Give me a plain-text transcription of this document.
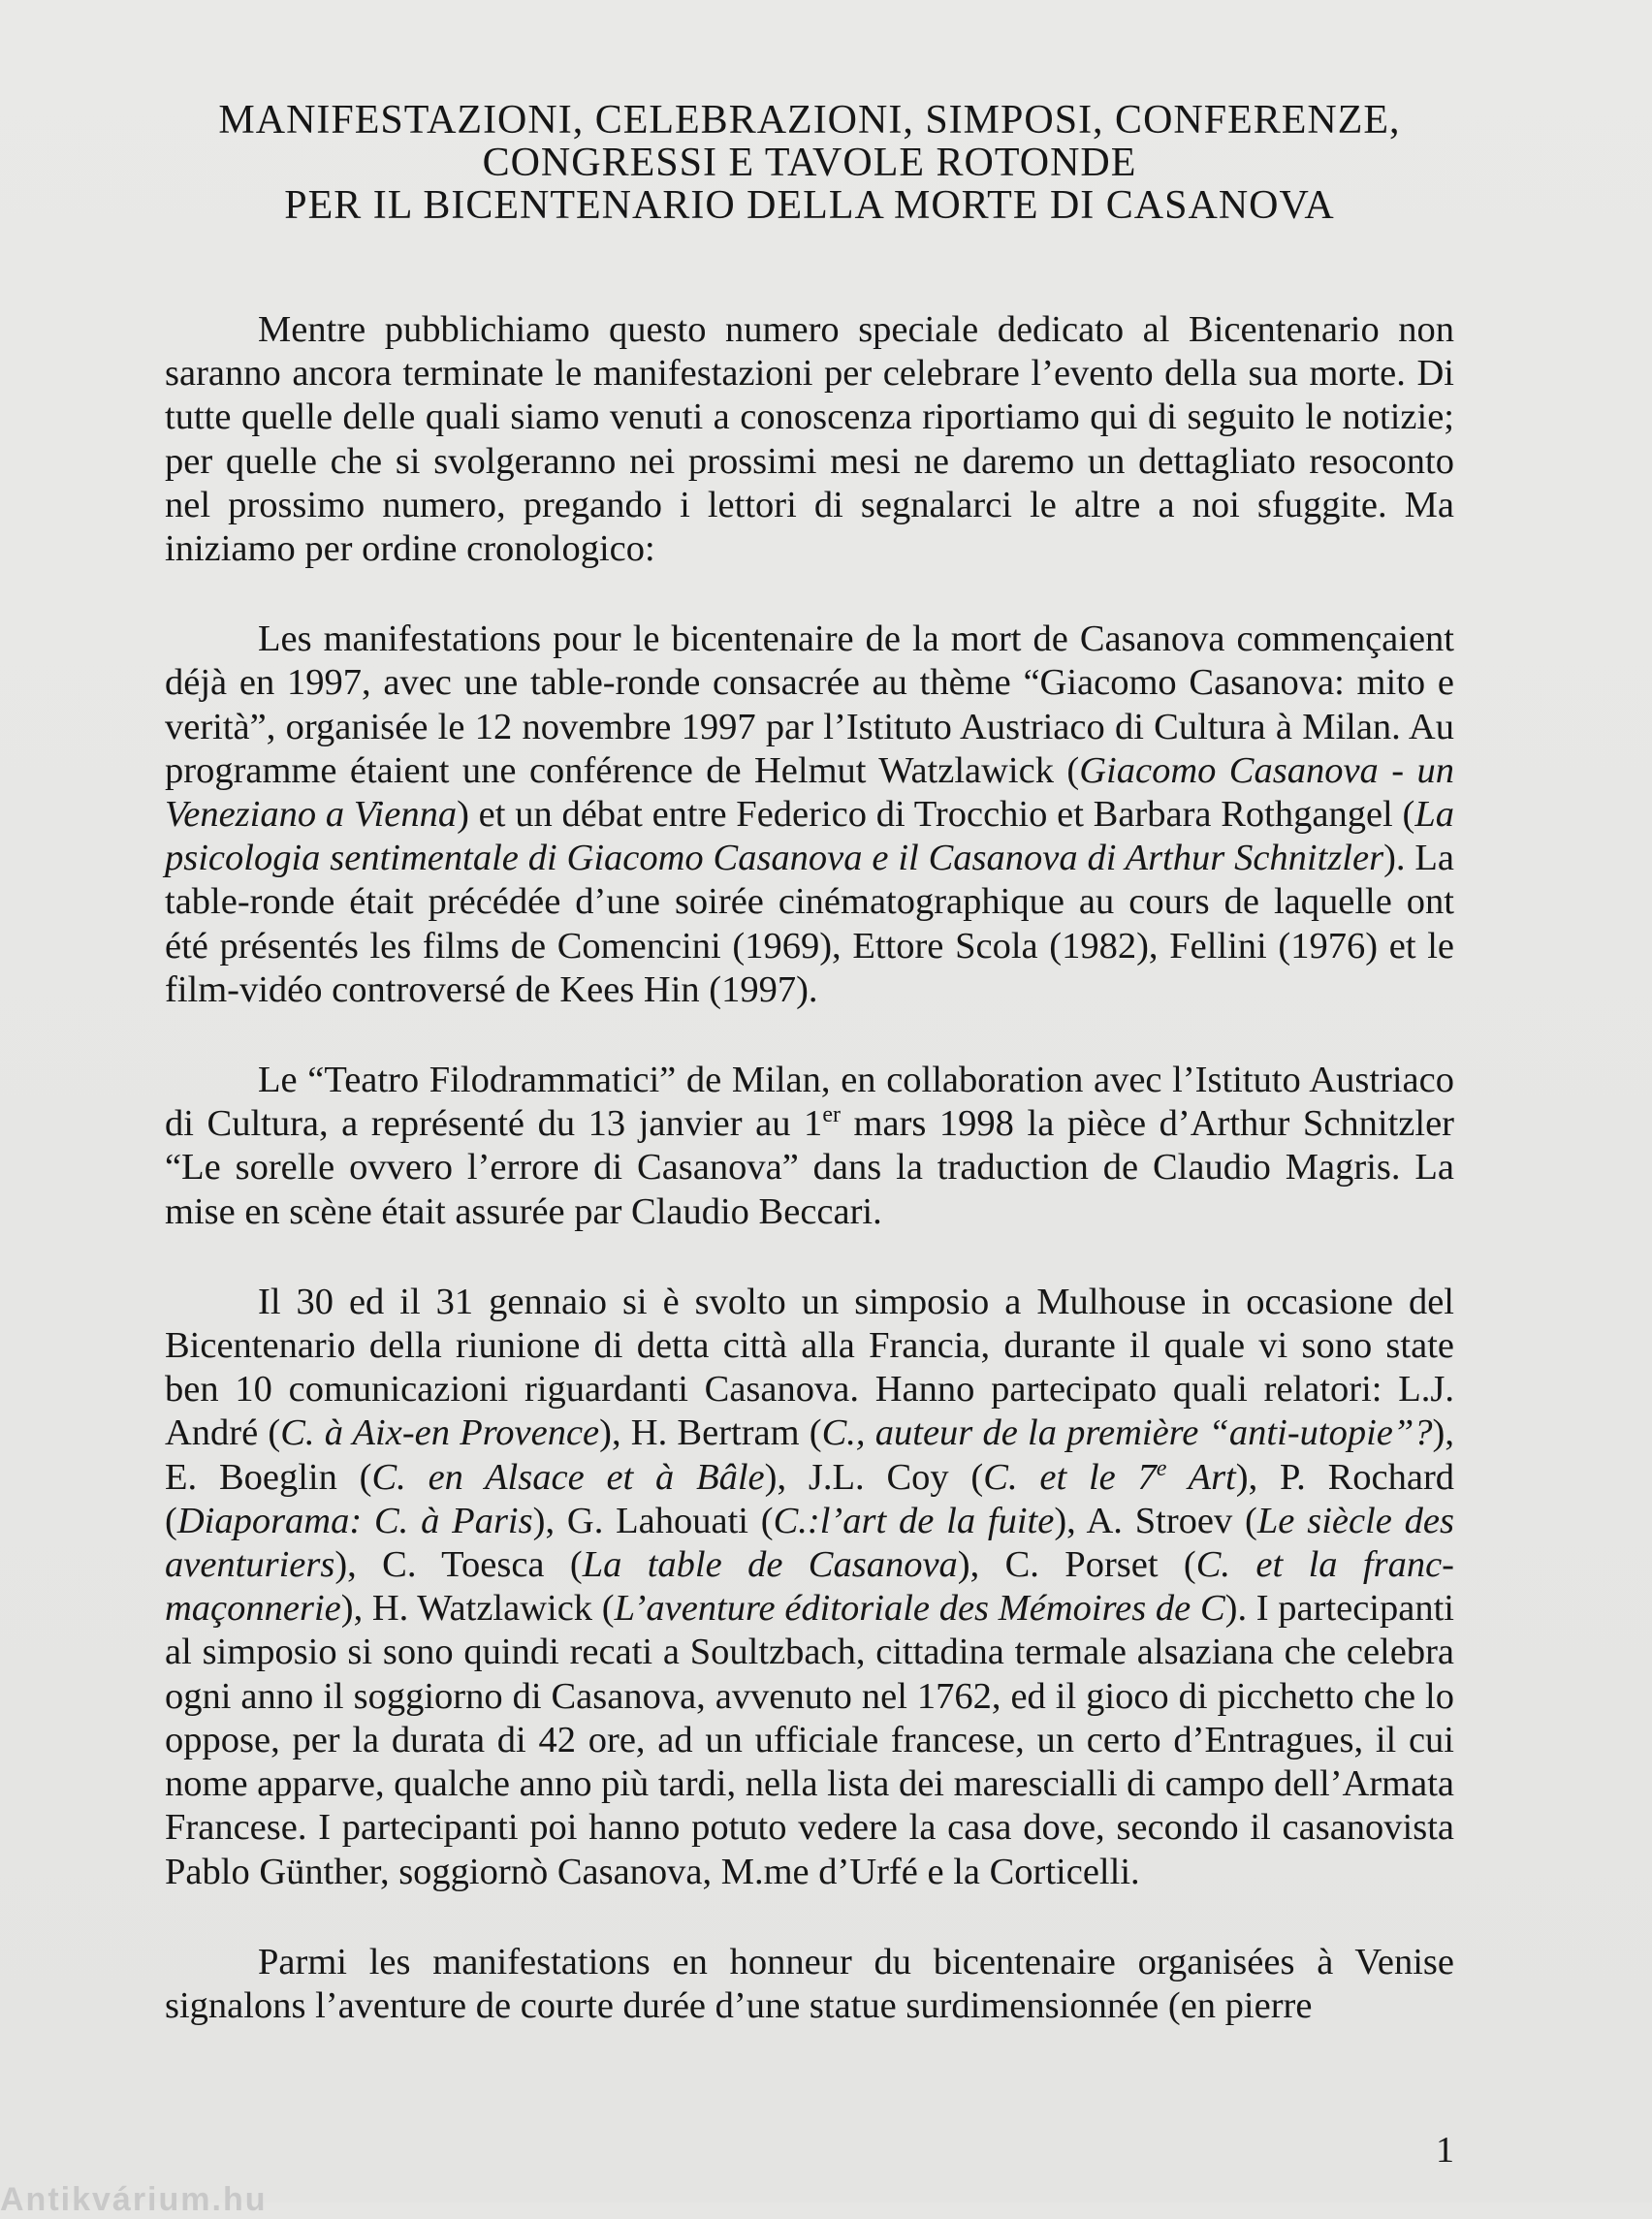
MANIFESTAZIONI, CELEBRAZIONI, SIMPOSI, CONFERENZE,
CONGRESSI E TAVOLE ROTONDE
PER IL BICENTENARIO DELLA MORTE DI CASANOVA

Mentre pubblichiamo questo numero speciale dedicato al Bicentenario non saranno ancora terminate le manifestazioni per celebrare l’evento della sua morte. Di tutte quelle delle quali siamo venuti a conoscenza riportiamo qui di seguito le notizie; per quelle che si svolgeranno nei prossimi mesi ne daremo un dettagliato resoconto nel prossimo numero, pregando i lettori di segnalarci le altre a noi sfuggite. Ma iniziamo per ordine cronologico:

Les manifestations pour le bicentenaire de la mort de Casanova commençaient déjà en 1997, avec une table-ronde consacrée au thème “Giacomo Casanova: mito e verità”, organisée le 12 novembre 1997 par l’Istituto Austriaco di Cultura à Milan. Au programme étaient une conférence de Helmut Watzlawick (Giacomo Casanova - un Veneziano a Vienna) et un débat entre Federico di Trocchio et Barbara Rothgangel (La psicologia sentimentale di Giacomo Casanova e il Casanova di Arthur Schnitzler). La table-ronde était précédée d’une soirée cinématographique au cours de laquelle ont été présentés les films de Comencini (1969), Ettore Scola (1982), Fellini (1976) et le film-vidéo controversé de Kees Hin (1997).

Le “Teatro Filodrammatici” de Milan, en collaboration avec l’Istituto Austriaco di Cultura, a représenté du 13 janvier au 1er mars 1998 la pièce d’Arthur Schnitzler “Le sorelle ovvero l’errore di Casanova” dans la traduction de Claudio Magris. La mise en scène était assurée par Claudio Beccari.

Il 30 ed il 31 gennaio si è svolto un simposio a Mulhouse in occasione del Bicentenario della riunione di detta città alla Francia, durante il quale vi sono state ben 10 comunicazioni riguardanti Casanova. Hanno partecipato quali relatori: L.J. André (C. à Aix-en Provence), H. Bertram (C., auteur de la première “anti-utopie”?), E. Boeglin (C. en Alsace et à Bâle), J.L. Coy (C. et le 7e Art), P. Rochard (Diaporama: C. à Paris), G. Lahouati (C.:l’art de la fuite), A. Stroev (Le siècle des aventuriers), C. Toesca (La table de Casanova), C. Porset (C. et la franc-maçonnerie), H. Watzlawick (L’aventure éditoriale des Mémoires de C). I partecipanti al simposio si sono quindi recati a Soultzbach, cittadina termale alsaziana che celebra ogni anno il soggiorno di Casanova, avvenuto nel 1762, ed il gioco di picchetto che lo oppose, per la durata di 42 ore, ad un ufficiale francese, un certo d’Entragues, il cui nome apparve, qualche anno più tardi, nella lista dei marescialli di campo dell’Armata Francese. I partecipanti poi hanno potuto vedere la casa dove, secondo il casanovista Pablo Günther, soggiornò Casanova, M.me d’Urfé e la Corticelli.

Parmi les manifestations en honneur du bicentenaire organisées à Venise signalons l’aventure de courte durée d’une statue surdimensionnée (en pierre

1
Antikvárium.hu
